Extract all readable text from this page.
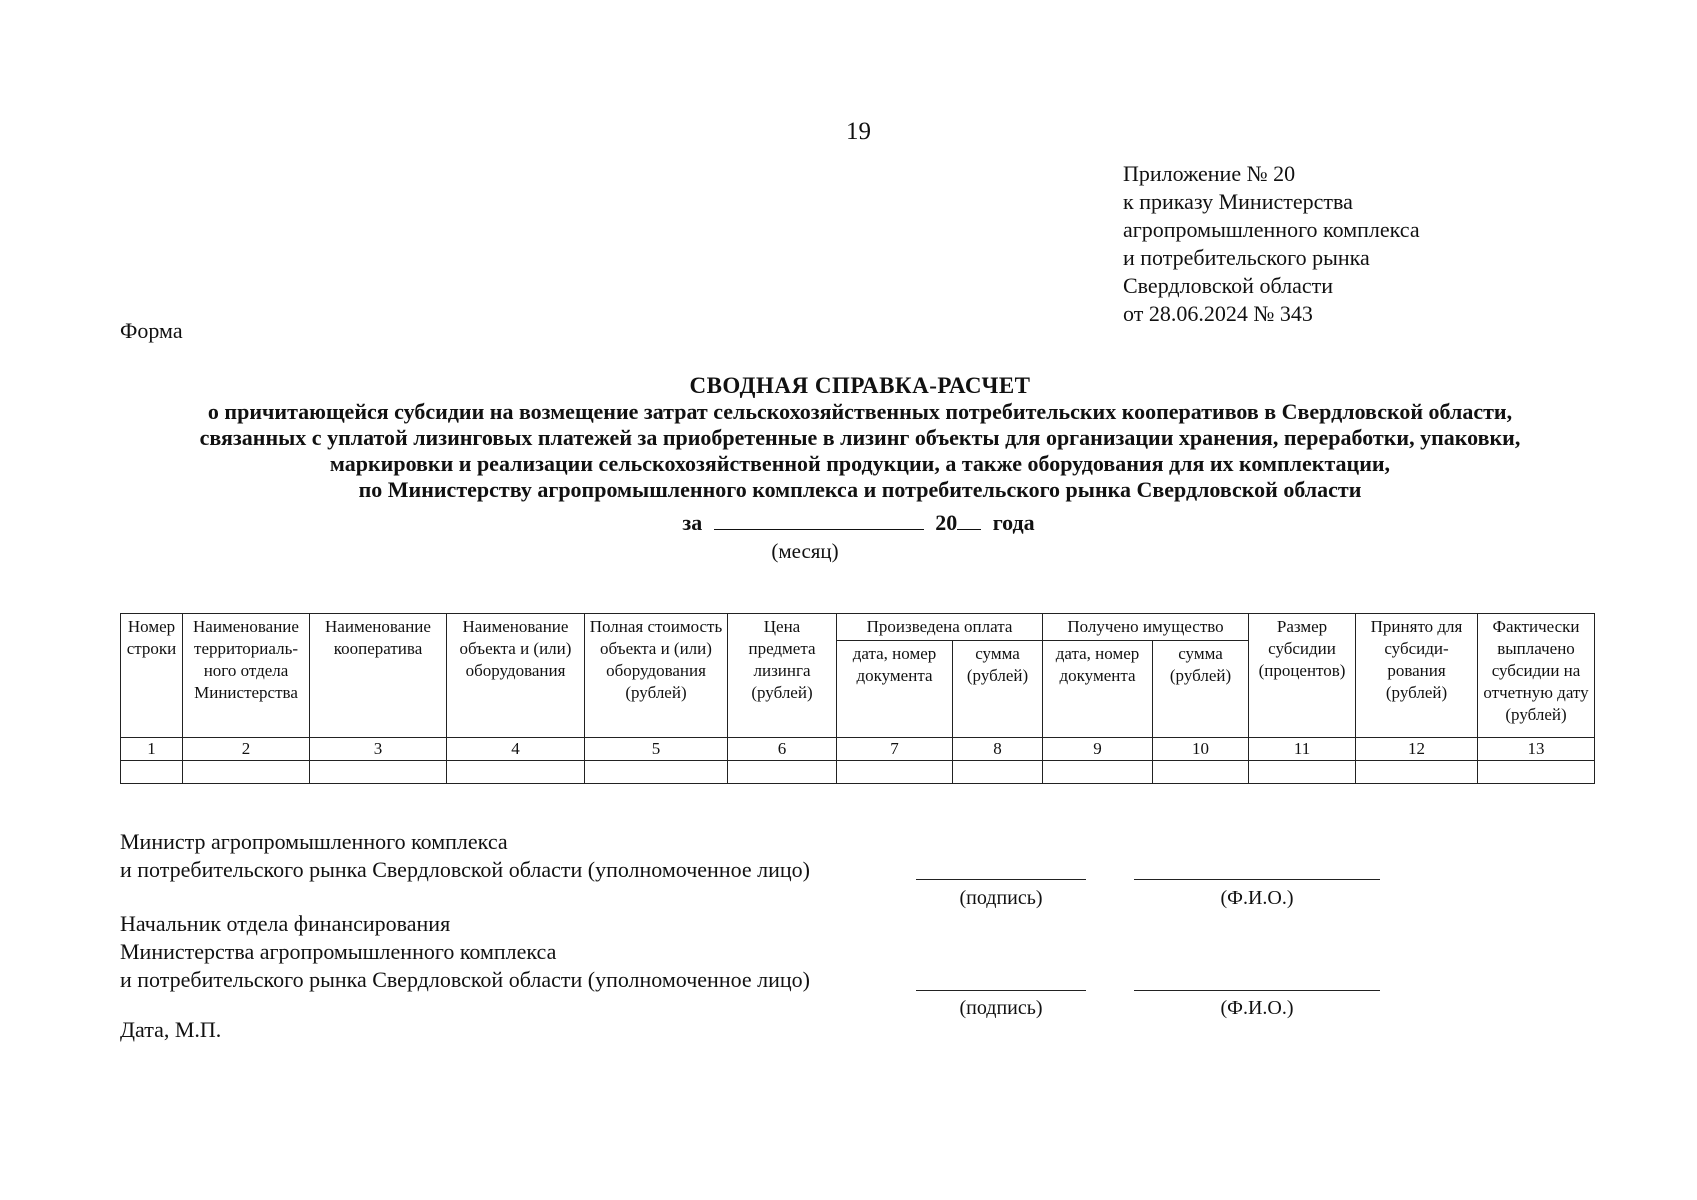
19
Приложение № 20
к приказу Министерства
агропромышленного комплекса
и потребительского рынка
Свердловской области
от 28.06.2024 № 343
Форма
СВОДНАЯ СПРАВКА-РАСЧЕТ
о причитающейся субсидии на возмещение затрат сельскохозяйственных потребительских кооперативов в Свердловской области,
связанных с уплатой лизинговых платежей за приобретенные в лизинг объекты для организации хранения, переработки, упаковки,
маркировки и реализации сельскохозяйственной продукции, а также оборудования для их комплектации,
по Министерству агропромышленного комплекса и потребительского рынка Свердловской области
за	20 года
(месяц)
Номер строки	Наименование территориаль-ного отдела Министерства	Наименование кооператива	Наименование объекта и (или) оборудования	Полная стоимость объекта и (или) оборудования (рублей)	Цена предмета лизинга (рублей)	Произведена оплата		Получено имущество		Размер субсидии (процентов)	Принято для субсиди-рования (рублей)	Фактически выплачено субсидии на отчетную дату (рублей)
						дата, номер документа	сумма (рублей)	дата, номер документа	сумма (рублей)			
1	2	3	4	5	6	7	8	9	10	11	12	13

Министр агропромышленного комплекса
и потребительского рынка Свердловской области (уполномоченное лицо)
(подпись)	(Ф.И.О.)
Начальник отдела финансирования
Министерства агропромышленного комплекса
и потребительского рынка Свердловской области (уполномоченное лицо)
(подпись)	(Ф.И.О.)
Дата, М.П.
